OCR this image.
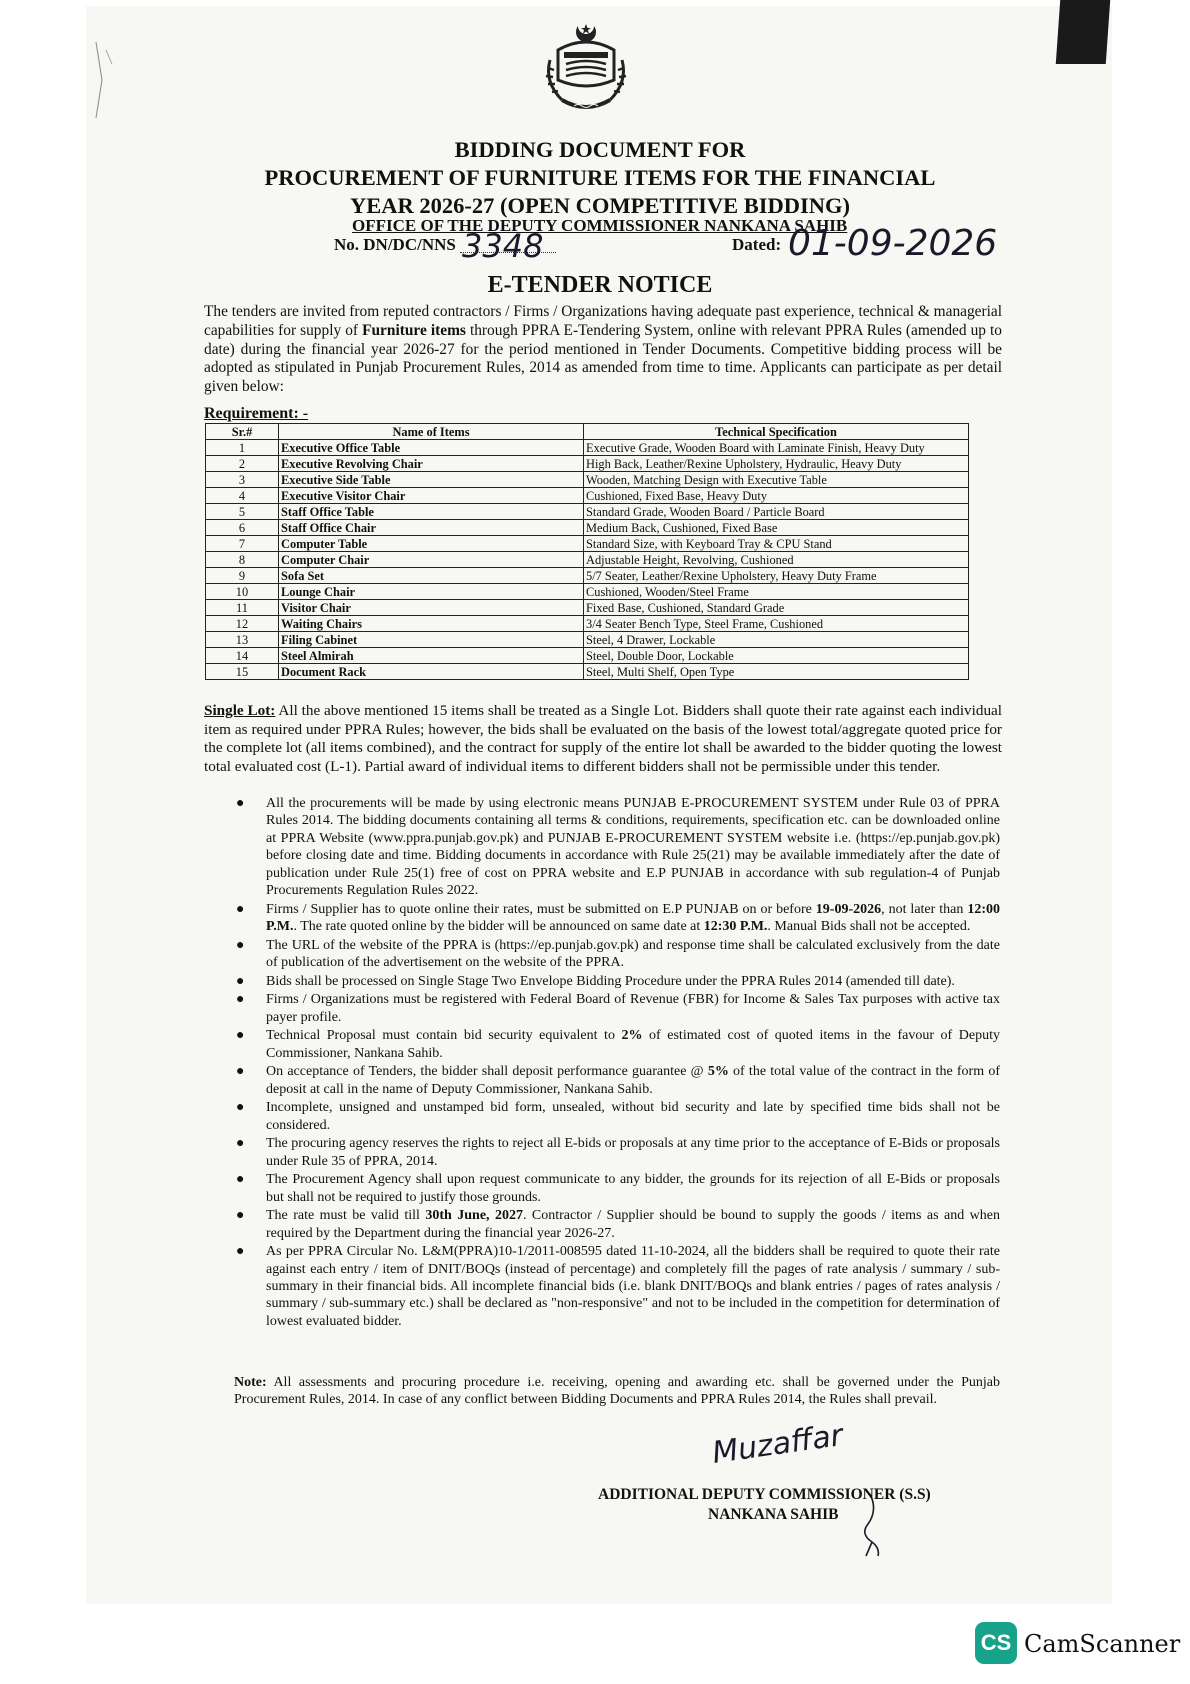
BIDDING DOCUMENT FOR
PROCUREMENT OF FURNITURE ITEMS FOR THE FINANCIAL
YEAR 2026-27 (OPEN COMPETITIVE BIDDING)
OFFICE OF THE DEPUTY COMMISSIONER NANKANA SAHIB
No. DN/DC/NNS 3348	Dated: 01-09-2026
E-TENDER NOTICE

The tenders are invited from reputed contractors / Firms / Organizations having adequate past experience, technical & managerial capabilities for supply of Furniture items through PPRA E-Tendering System, online with relevant PPRA Rules (amended up to date) during the financial year 2026-27 for the period mentioned in Tender Documents. Competitive bidding process will be adopted as stipulated in Punjab Procurement Rules, 2014 as amended from time to time. Applicants can participate as per detail given below:

Requirement: -
Sr.#	Name of Items	Technical Specification
1	Executive Office Table	Executive Grade, Wooden Board with Laminate Finish, Heavy Duty
2	Executive Revolving Chair	High Back, Leather/Rexine Upholstery, Hydraulic, Heavy Duty
3	Executive Side Table	Wooden, Matching Design with Executive Table
4	Executive Visitor Chair	Cushioned, Fixed Base, Heavy Duty
5	Staff Office Table	Standard Grade, Wooden Board / Particle Board
6	Staff Office Chair	Medium Back, Cushioned, Fixed Base
7	Computer Table	Standard Size, with Keyboard Tray & CPU Stand
8	Computer Chair	Adjustable Height, Revolving, Cushioned
9	Sofa Set	5/7 Seater, Leather/Rexine Upholstery, Heavy Duty Frame
10	Lounge Chair	Cushioned, Wooden/Steel Frame
11	Visitor Chair	Fixed Base, Cushioned, Standard Grade
12	Waiting Chairs	3/4 Seater Bench Type, Steel Frame, Cushioned
13	Filing Cabinet	Steel, 4 Drawer, Lockable
14	Steel Almirah	Steel, Double Door, Lockable
15	Document Rack	Steel, Multi Shelf, Open Type

Single Lot: All the above mentioned 15 items shall be treated as a Single Lot. Bidders shall quote their rate against each individual item as required under PPRA Rules; however, the bids shall be evaluated on the basis of the lowest total/aggregate quoted price for the complete lot (all items combined), and the contract for supply of the entire lot shall be awarded to the bidder quoting the lowest total evaluated cost (L-1). Partial award of individual items to different bidders shall not be permissible under this tender.

● All the procurements will be made by using electronic means PUNJAB E-PROCUREMENT SYSTEM under Rule 03 of PPRA Rules 2014. The bidding documents containing all terms & conditions, requirements, specification etc. can be downloaded online at PPRA Website (www.ppra.punjab.gov.pk) and PUNJAB E-PROCUREMENT SYSTEM website i.e. (https://ep.punjab.gov.pk) before closing date and time. Bidding documents in accordance with Rule 25(21) may be available immediately after the date of publication under Rule 25(1) free of cost on PPRA website and E.P PUNJAB in accordance with sub regulation-4 of Punjab Procurements Regulation Rules 2022.
● Firms / Supplier has to quote online their rates, must be submitted on E.P PUNJAB on or before 19-09-2026, not later than 12:00 P.M.. The rate quoted online by the bidder will be announced on same date at 12:30 P.M.. Manual Bids shall not be accepted.
● The URL of the website of the PPRA is (https://ep.punjab.gov.pk) and response time shall be calculated exclusively from the date of publication of the advertisement on the website of the PPRA.
● Bids shall be processed on Single Stage Two Envelope Bidding Procedure under the PPRA Rules 2014 (amended till date).
● Firms / Organizations must be registered with Federal Board of Revenue (FBR) for Income & Sales Tax purposes with active tax payer profile.
● Technical Proposal must contain bid security equivalent to 2% of estimated cost of quoted items in the favour of Deputy Commissioner, Nankana Sahib.
● On acceptance of Tenders, the bidder shall deposit performance guarantee @ 5% of the total value of the contract in the form of deposit at call in the name of Deputy Commissioner, Nankana Sahib.
● Incomplete, unsigned and unstamped bid form, unsealed, without bid security and late by specified time bids shall not be considered.
● The procuring agency reserves the rights to reject all E-bids or proposals at any time prior to the acceptance of E-Bids or proposals under Rule 35 of PPRA, 2014.
● The Procurement Agency shall upon request communicate to any bidder, the grounds for its rejection of all E-Bids or proposals but shall not be required to justify those grounds.
● The rate must be valid till 30th June, 2027. Contractor / Supplier should be bound to supply the goods / items as and when required by the Department during the financial year 2026-27.
● As per PPRA Circular No. L&M(PPRA)10-1/2011-008595 dated 11-10-2024, all the bidders shall be required to quote their rate against each entry / item of DNIT/BOQs (instead of percentage) and completely fill the pages of rate analysis / summary / sub-summary in their financial bids. All incomplete financial bids (i.e. blank DNIT/BOQs and blank entries / pages of rates analysis / summary / sub-summary etc.) shall be declared as "non-responsive" and not to be included in the competition for determination of lowest evaluated bidder.
Note: All assessments and procuring procedure i.e. receiving, opening and awarding etc. shall be governed under the Punjab Procurement Rules, 2014. In case of any conflict between Bidding Documents and PPRA Rules 2014, the Rules shall prevail.
Muzaffar
ADDITIONAL DEPUTY COMMISSIONER (S.S)
NANKANA SAHIB
CS CamScanner
